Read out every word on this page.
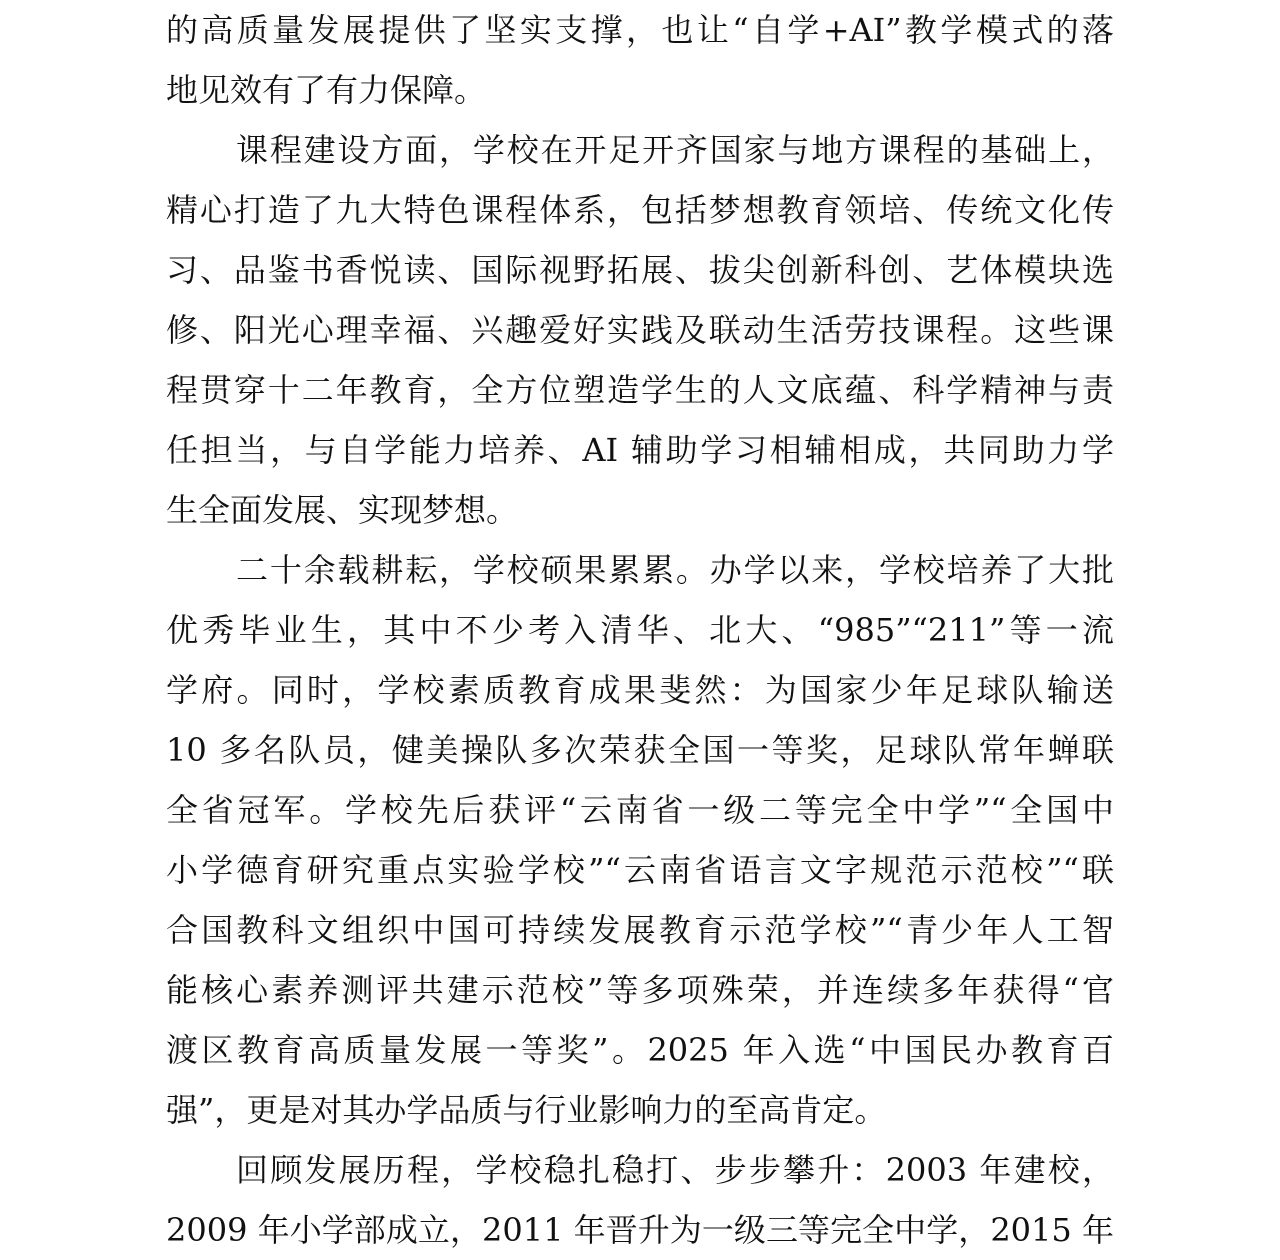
的高质量发展提供了坚实支撑，也让“自学+AI”教学模式的落
地见效有了有力保障。
课程建设方面，学校在开足开齐国家与地方课程的基础上，
精心打造了九大特色课程体系，包括梦想教育领培、传统文化传
习、品鉴书香悦读、国际视野拓展、拔尖创新科创、艺体模块选
修、阳光心理幸福、兴趣爱好实践及联动生活劳技课程。这些课
程贯穿十二年教育，全方位塑造学生的人文底蕴、科学精神与责
任担当，与自学能力培养、AI 辅助学习相辅相成，共同助力学
生全面发展、实现梦想。
二十余载耕耘，学校硕果累累。办学以来，学校培养了大批
优秀毕业生，其中不少考入清华、北大、“985”“211”等一流
学府。同时，学校素质教育成果斐然：为国家少年足球队输送
10 多名队员，健美操队多次荣获全国一等奖，足球队常年蝉联
全省冠军。学校先后获评“云南省一级二等完全中学”“全国中
小学德育研究重点实验学校”“云南省语言文字规范示范校”“联
合国教科文组织中国可持续发展教育示范学校”“青少年人工智
能核心素养测评共建示范校”等多项殊荣，并连续多年获得“官
渡区教育高质量发展一等奖”。2025 年入选“中国民办教育百
强”，更是对其办学品质与行业影响力的至高肯定。
回顾发展历程，学校稳扎稳打、步步攀升：2003 年建校，
2009 年小学部成立，2011 年晋升为一级三等完全中学，2015 年
